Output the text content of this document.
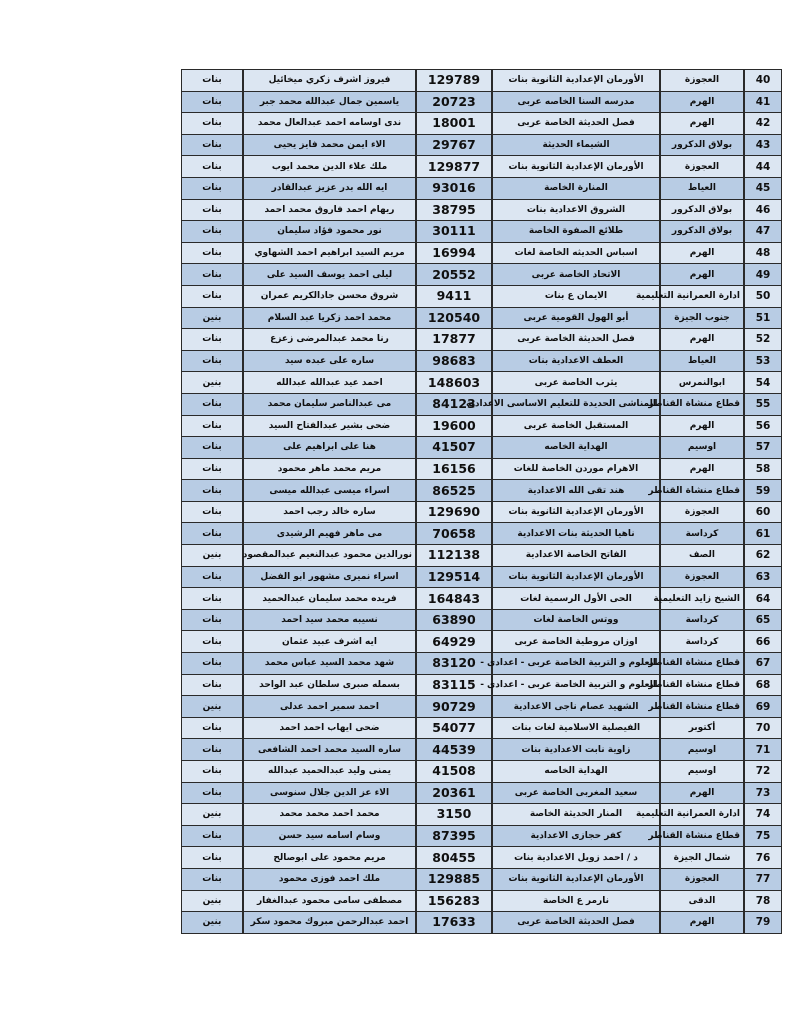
40	العجوزة	الأورمان الإعدادية الثانوية بنات	129789	فيروز اشرف زكري ميخائيل	بنات
41	الهرم	مدرسه السنا الخاصه عربى	20723	ياسمين جمال عبدالله محمد جبر	بنات
42	الهرم	فصل الحديثة الخاصة عربى	18001	ندى اوسامه احمد عبدالعال محمد	بنات
43	بولاق الدكرور	الشيماء الحديثة	29767	الاء ايمن محمد فايز يحيى	بنات
44	العجوزة	الأورمان الإعدادية الثانوية بنات	129877	ملك علاء الدين محمد ايوب	بنات
45	العياط	المنارة الخاصة	93016	ايه الله بدر عزيز عبدالقادر	بنات
46	بولاق الدكرور	الشروق الاعدادية بنات	38795	ريهام احمد فاروق محمد احمد	بنات
47	بولاق الدكرور	طلائع الصفوة الخاصة	30111	نور محمود فؤاد سليمان	بنات
48	الهرم	اسباس الحديثه الخاصة لغات	16994	مريم السيد ابراهيم احمد الشهاوي	بنات
49	الهرم	الاتحاد الخاصة عربى	20552	ليلى احمد يوسف السيد على	بنات
50	ادارة العمرانية التعليمية	الايمان ع بنات	9411	شروق محسن جادالكريم عمران	بنات
51	جنوب الجيزة	أبو الهول القومية عربى	120540	محمد احمد زكريا عبد السلام	بنين
52	الهرم	فصل الحديثة الخاصة عربى	17877	رنا محمد عبدالمرضى زعزع	بنات
53	العياط	العطف الاعدادية بنات	98683	ساره على عبده سيد	بنات
54	ابوالنمرس	يثرب الخاصة عربى	148603	احمد عيد عبدالله عبدالله	بنين
55	قطاع منشاة القناطر	المناشى الحديدة للتعليم الاساسى الاعدادية	84123	مى عبدالناصر سليمان محمد	بنات
56	الهرم	المستقبل الخاصة عربى	19600	ضحى بشير عبدالفتاح السيد	بنات
57	اوسيم	الهداية الخاصه	41507	هنا على ابراهيم على	بنات
58	الهرم	الاهرام موردن الخاصة للغات	16156	مريم محمد ماهر محمود	بنات
59	قطاع منشاة القناطر	هند تقى الله الاعدادية	86525	اسراء ميسى عبدالله ميسى	بنات
60	العجوزة	الأورمان الإعدادية الثانوية بنات	129690	ساره خالد رجب احمد	بنات
61	كرداسة	ناهيا الحديثة بنات الاعدادية	70658	مى ماهر فهيم الرشيدى	بنات
62	الصف	الفاتح الخاصة الاعدادية	112138	نورالدين محمود عبدالنعيم عبدالمقصود	بنين
63	العجوزة	الأورمان الإعدادية الثانوية بنات	129514	اسراء نميرى مشهور ابو الفضل	بنات
64	الشيخ زايد التعليمية	الحى الأول الرسمية لغات	164843	فريده محمد سليمان عبدالحميد	بنات
65	كرداسة	ووتس الخاصة لغات	63890	نسيبه محمد سيد احمد	بنات
66	كرداسة	اوزان مروطية الخاصة عربى	64929	ايه اشرف عبيد عثمان	بنات
67	قطاع منشاة القناطر	العلوم و التربية الخاصة عربى - اعدادى -	83120	شهد محمد السيد عباس محمد	بنات
68	قطاع منشاة القناطر	العلوم و التربية الخاصة عربى - اعدادى -	83115	بسمله صبرى سلطان عبد الواحد	بنات
69	قطاع منشاة القناطر	الشهيد عصام ناجى الاعدادية	90729	احمد سمير احمد عدلى	بنين
70	أكتوبر	الفيصلية الاسلامية لغات بنات	54077	ضحى ايهاب احمد احمد	بنات
71	اوسيم	زاوية نابت الاعدادية بنات	44539	ساره السيد محمد احمد الشافعى	بنات
72	اوسيم	الهداية الخاصه	41508	يمنى وليد عبدالحميد عبدالله	بنات
73	الهرم	سعيد المغربى الخاصة عربى	20361	الاء عز الدين جلال سنوسى	بنات
74	ادارة العمرانية التعليمية	المنار الحديثة الخاصة	3150	محمد احمد محمد محمد	بنين
75	قطاع منشاة القناطر	كفر حجازى الاعدادية	87395	وسام اسامه سيد حسن	بنات
76	شمال الجيزة	د / احمد زويل الاعدادية بنات	80455	مريم محمود على ابوصالح	بنات
77	العجوزة	الأورمان الإعدادية الثانوية بنات	129885	ملك احمد فوزى محمود	بنات
78	الدقى	نارمر ع الخاصة	156283	مصطفى سامى محمود عبدالغفار	بنين
79	الهرم	فصل الحديثة الخاصة عربى	17633	احمد عبدالرحمن مبروك محمود سكر	بنين
